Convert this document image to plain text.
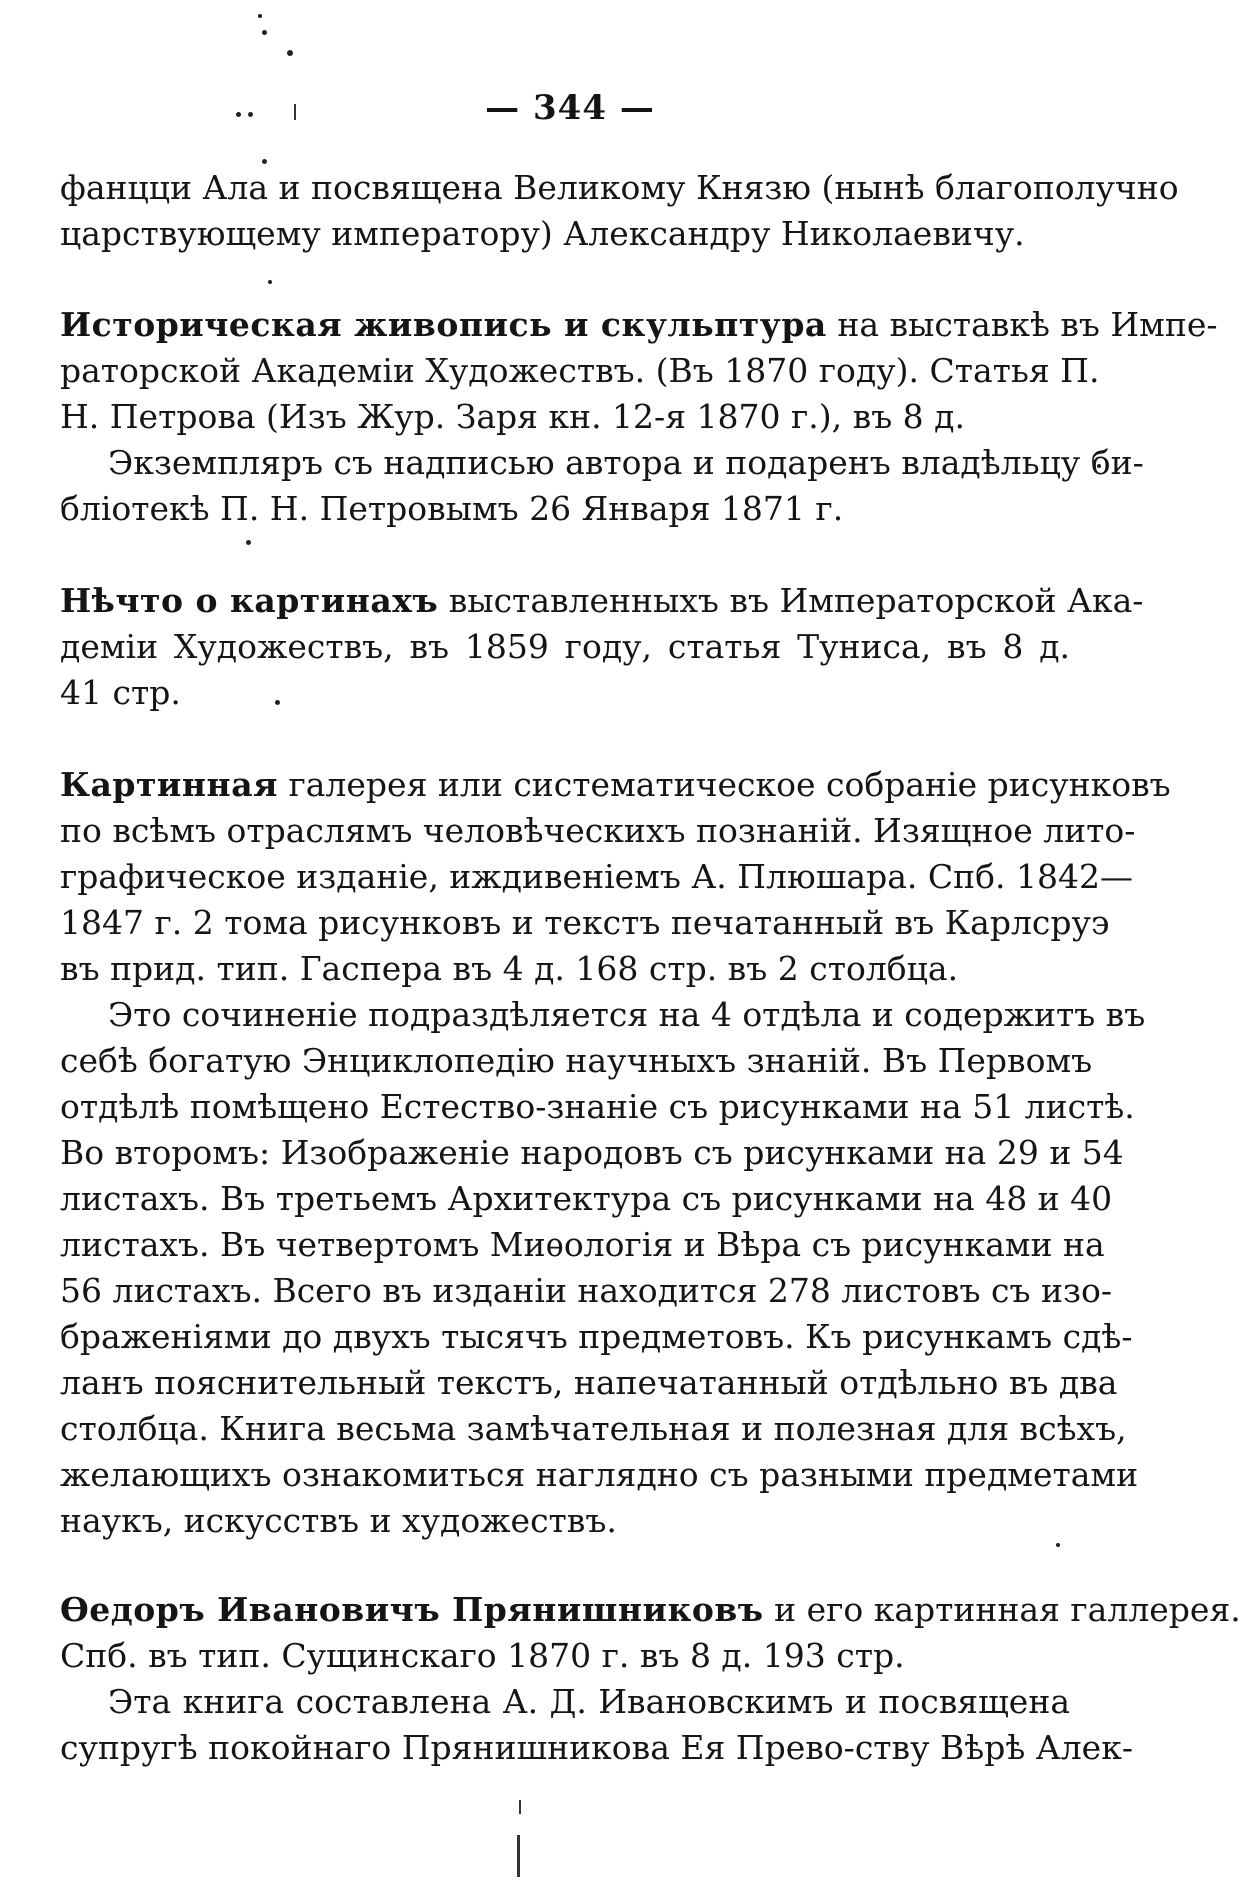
— 344 —
фанцци Ала и посвящена Великому Князю (нынѣ благополучно
царствующему императору) Александру Николаевичу.
Историческая живопись и скульптура на выставкѣ въ Импе-
раторской Академіи Художествъ. (Въ 1870 году). Статья П.
Н. Петрова (Изъ Жур. Заря кн. 12-я 1870 г.), въ 8 д.
Экземпляръ съ надписью автора и подаренъ владѣльцу би-
бліотекѣ П. Н. Петровымъ 26 Января 1871 г.
Нѣчто о картинахъ выставленныхъ въ Императорской Ака-
деміи Художествъ, въ 1859 году, статья Туниса, въ 8 д.
41 стр.
Картинная галерея или систематическое собраніе рисунковъ
по всѣмъ отраслямъ человѣческихъ познаній. Изящное лито-
графическое изданіе, иждивеніемъ А. Плюшара. Спб. 1842—
1847 г. 2 тома рисунковъ и текстъ печатанный въ Карлсруэ
въ прид. тип. Гаспера въ 4 д. 168 стр. въ 2 столбца.
Это сочиненіе подраздѣляется на 4 отдѣла и содержитъ въ
себѣ богатую Энциклопедію научныхъ знаній. Въ Первомъ
отдѣлѣ помѣщено Естество-знаніе съ рисунками на 51 листѣ.
Во второмъ: Изображеніе народовъ съ рисунками на 29 и 54
листахъ. Въ третьемъ Архитектура съ рисунками на 48 и 40
листахъ. Въ четвертомъ Миѳологія и Вѣра съ рисунками на
56 листахъ. Всего въ изданіи находится 278 листовъ съ изо-
браженіями до двухъ тысячъ предметовъ. Къ рисункамъ сдѣ-
ланъ пояснительный текстъ, напечатанный отдѣльно въ два
столбца. Книга весьма замѣчательная и полезная для всѣхъ,
желающихъ ознакомиться наглядно съ разными предметами
наукъ, искусствъ и художествъ.
Ѳедоръ Ивановичъ Прянишниковъ и его картинная галлерея.
Спб. въ тип. Сущинскаго 1870 г. въ 8 д. 193 стр.
Эта книга составлена А. Д. Ивановскимъ и посвящена
супругѣ покойнаго Прянишникова Ея Прево-ству Вѣрѣ Алек-
